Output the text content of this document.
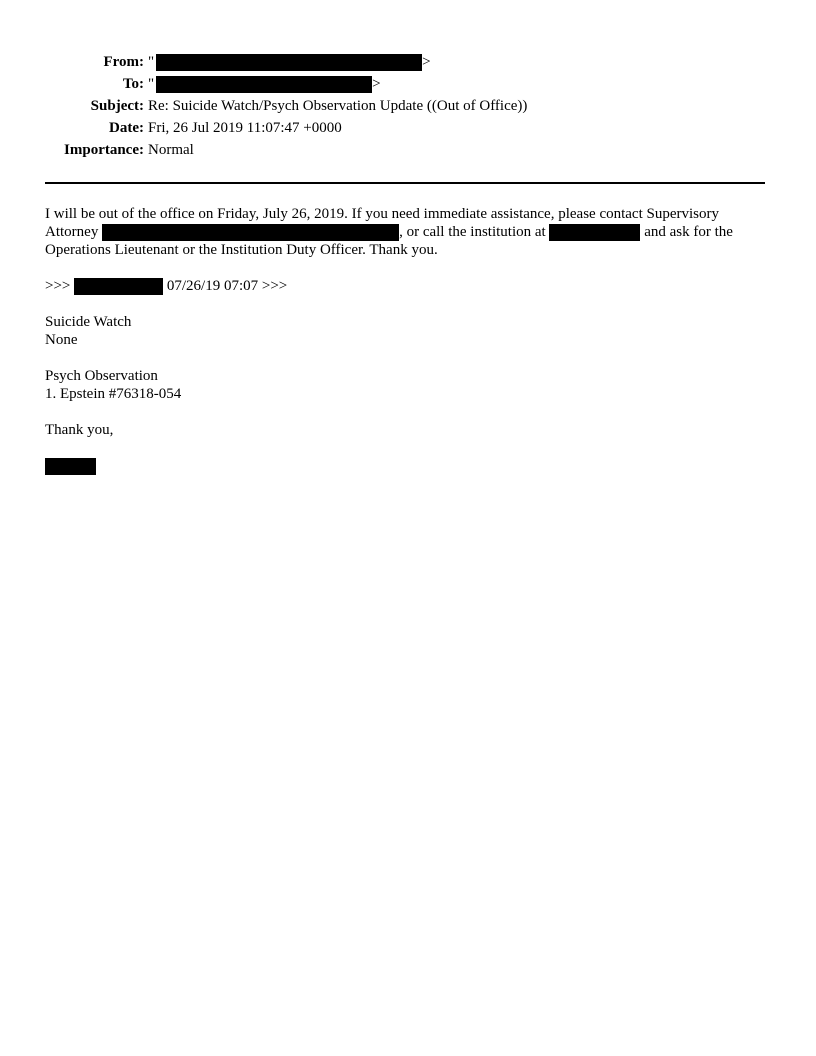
From: "	>
To: "	>
Subject: Re: Suicide Watch/Psych Observation Update ((Out of Office))
Date: Fri, 26 Jul 2019 11:07:47 +0000
Importance: Normal

I will be out of the office on Friday, July 26, 2019. If you need immediate assistance, please contact Supervisory
Attorney	, or call the institution at	and ask for the
Operations Lieutenant or the Institution Duty Officer. Thank you.

>>>	07/26/19 07:07 >>>

Suicide Watch
None

Psych Observation
1. Epstein #76318-054

Thank you,
